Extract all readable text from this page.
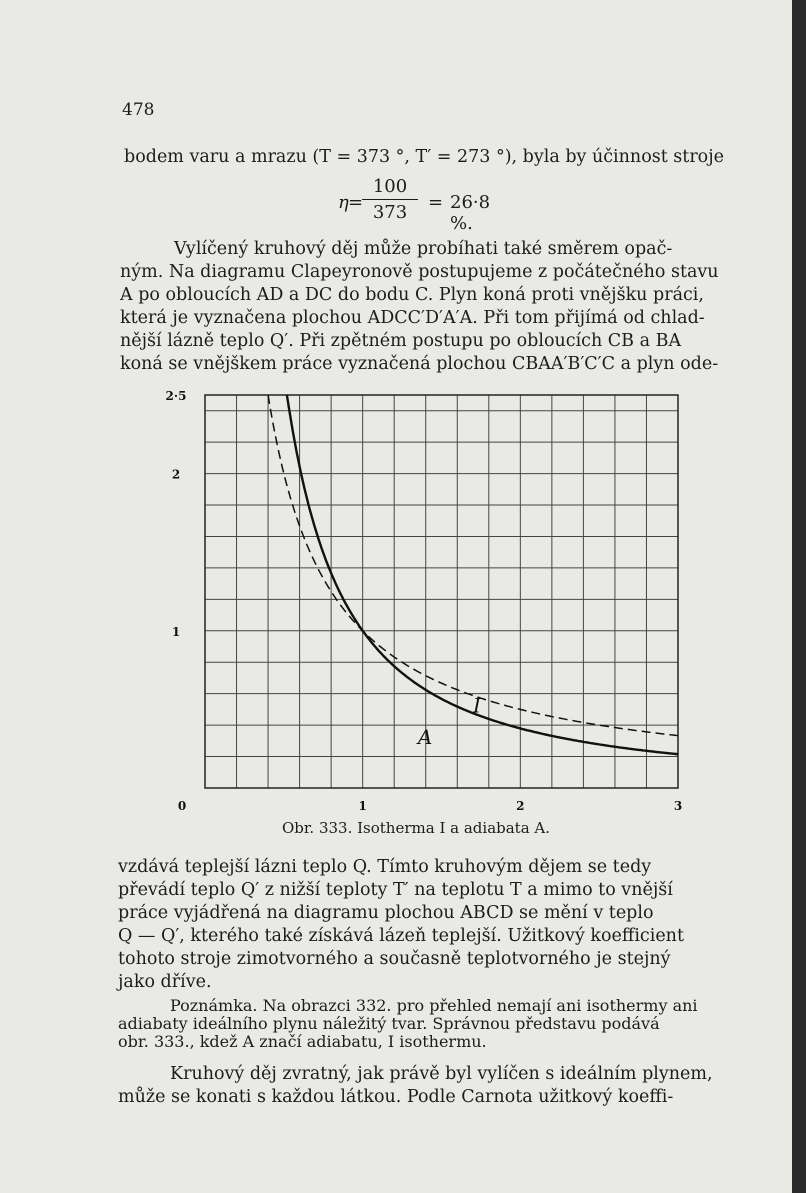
478
bodem varu a mrazu (T = 373 °, T′ = 273 °), byla by účinnost stroje
η =
$\frac{100}{373} = 26\cdot 8$ %.
Vylíčený kruhový děj může probíhati také směrem opač-
ným. Na diagramu Clapeyronově postupujeme z počátečného stavu
A po obloucích AD a DC do bodu C. Plyn koná proti vnějšku práci,
která je vyznačena plochou ADCC′D′A′A. Při tom přijímá od chlad-
nější lázně teplo Q′. Při zpětném postupu po obloucích CB a BA
koná se vnějškem práce vyznačená plochou CBAA′B′C′C a plyn ode-
0	1	2	3
1
2
2·5
I
A
Obr. 333. Isotherma I a adiabata A.
vzdává teplejší lázni teplo Q. Tímto kruhovým dějem se tedy
převádí teplo Q′ z nižší teploty T′ na teplotu T a mimo to vnější
práce vyjádřená na diagramu plochou ABCD se mění v teplo
Q — Q′, kterého také získává lázeň teplejší. Užitkový koefficient
tohoto stroje zimotvorného a současně teplotvorného je stejný
jako dříve.
Poznámka. Na obrazci 332. pro přehled nemají ani isothermy ani
adiabaty ideálního plynu náležitý tvar. Správnou představu podává
obr. 333., kdež A značí adiabatu, I isothermu.
Kruhový děj zvratný, jak právě byl vylíčen s ideálním plynem,
může se konati s každou látkou. Podle Carnota užitkový koeffi-
